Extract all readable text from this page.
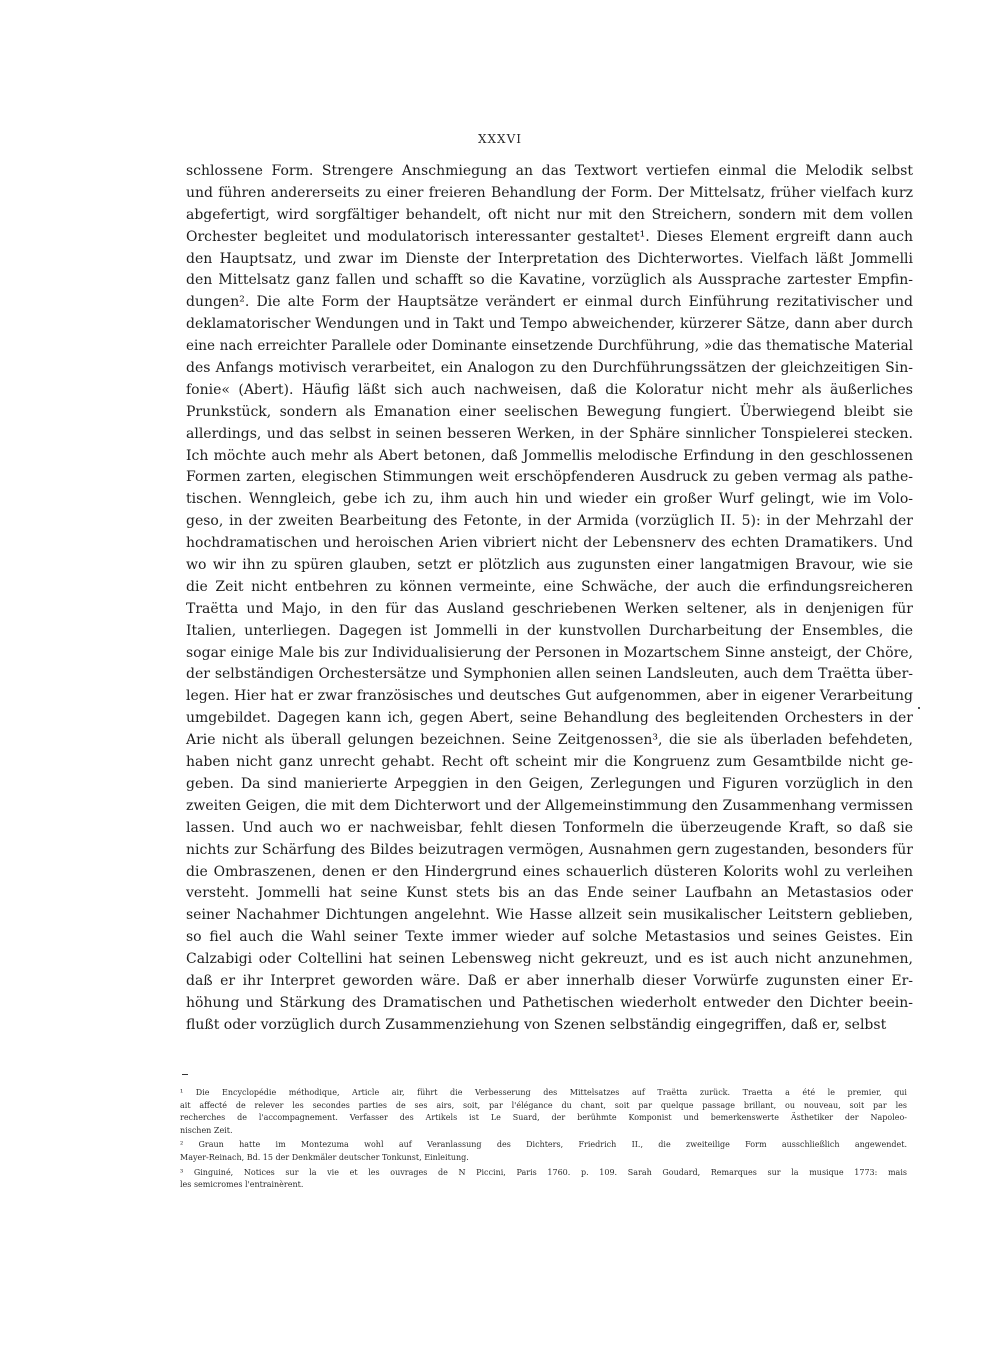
XXXVI
schlossene Form. Strengere Anschmiegung an das Textwort vertiefen einmal die Melodik selbst
und führen andererseits zu einer freieren Behandlung der Form. Der Mittelsatz, früher vielfach kurz
abgefertigt, wird sorgfältiger behandelt, oft nicht nur mit den Streichern, sondern mit dem vollen
Orchester begleitet und modulatorisch interessanter gestaltet¹. Dieses Element ergreift dann auch
den Hauptsatz, und zwar im Dienste der Interpretation des Dichterwortes. Vielfach läßt Jommelli
den Mittelsatz ganz fallen und schafft so die Kavatine, vorzüglich als Aussprache zartester Empfin-
dungen². Die alte Form der Hauptsätze verändert er einmal durch Einführung rezitativischer und
deklamatorischer Wendungen und in Takt und Tempo abweichender, kürzerer Sätze, dann aber durch
eine nach erreichter Parallele oder Dominante einsetzende Durchführung, »die das thematische Material
des Anfangs motivisch verarbeitet, ein Analogon zu den Durchführungssätzen der gleichzeitigen Sin-
fonie« (Abert). Häufig läßt sich auch nachweisen, daß die Koloratur nicht mehr als äußerliches
Prunkstück, sondern als Emanation einer seelischen Bewegung fungiert. Überwiegend bleibt sie
allerdings, und das selbst in seinen besseren Werken, in der Sphäre sinnlicher Tonspielerei stecken.
Ich möchte auch mehr als Abert betonen, daß Jommellis melodische Erfindung in den geschlossenen
Formen zarten, elegischen Stimmungen weit erschöpfenderen Ausdruck zu geben vermag als pathe-
tischen. Wenngleich, gebe ich zu, ihm auch hin und wieder ein großer Wurf gelingt, wie im Volo-
geso, in der zweiten Bearbeitung des Fetonte, in der Armida (vorzüglich II. 5): in der Mehrzahl der
hochdramatischen und heroischen Arien vibriert nicht der Lebensnerv des echten Dramatikers. Und
wo wir ihn zu spüren glauben, setzt er plötzlich aus zugunsten einer langatmigen Bravour, wie sie
die Zeit nicht entbehren zu können vermeinte, eine Schwäche, der auch die erfindungsreicheren
Traëtta und Majo, in den für das Ausland geschriebenen Werken seltener, als in denjenigen für
Italien, unterliegen. Dagegen ist Jommelli in der kunstvollen Durcharbeitung der Ensembles, die
sogar einige Male bis zur Individualisierung der Personen in Mozartschem Sinne ansteigt, der Chöre,
der selbständigen Orchestersätze und Symphonien allen seinen Landsleuten, auch dem Traëtta über-
legen. Hier hat er zwar französisches und deutsches Gut aufgenommen, aber in eigener Verarbeitung
umgebildet. Dagegen kann ich, gegen Abert, seine Behandlung des begleitenden Orchesters in der
Arie nicht als überall gelungen bezeichnen. Seine Zeitgenossen³, die sie als überladen befehdeten,
haben nicht ganz unrecht gehabt. Recht oft scheint mir die Kongruenz zum Gesamtbilde nicht ge-
geben. Da sind manierierte Arpeggien in den Geigen, Zerlegungen und Figuren vorzüglich in den
zweiten Geigen, die mit dem Dichterwort und der Allgemeinstimmung den Zusammenhang vermissen
lassen. Und auch wo er nachweisbar, fehlt diesen Tonformeln die überzeugende Kraft, so daß sie
nichts zur Schärfung des Bildes beizutragen vermögen, Ausnahmen gern zugestanden, besonders für
die Ombraszenen, denen er den Hindergrund eines schauerlich düsteren Kolorits wohl zu verleihen
versteht. Jommelli hat seine Kunst stets bis an das Ende seiner Laufbahn an Metastasios oder
seiner Nachahmer Dichtungen angelehnt. Wie Hasse allzeit sein musikalischer Leitstern geblieben,
so fiel auch die Wahl seiner Texte immer wieder auf solche Metastasios und seines Geistes. Ein
Calzabigi oder Coltellini hat seinen Lebensweg nicht gekreuzt, und es ist auch nicht anzunehmen,
daß er ihr Interpret geworden wäre. Daß er aber innerhalb dieser Vorwürfe zugunsten einer Er-
höhung und Stärkung des Dramatischen und Pathetischen wiederholt entweder den Dichter beein-
flußt oder vorzüglich durch Zusammenziehung von Szenen selbständig eingegriffen, daß er, selbst
¹ Die Encyclopédie méthodique, Article air, führt die Verbesserung des Mittelsatzes auf Traëtta zurück. Traetta a été le premier, qui
ait affecté de relever les secondes parties de ses airs, soit, par l'élégance du chant, soit par quelque passage brillant, ou nouveau, soit par les
recherches de l'accompagnement. Verfasser des Artikels ist Le Suard, der berühmte Komponist und bemerkenswerte Ästhetiker der Napoleo-
nischen Zeit.
² Graun hatte im Montezuma wohl auf Veranlassung des Dichters, Friedrich II., die zweiteilige Form ausschließlich angewendet.
Mayer-Reinach, Bd. 15 der Denkmäler deutscher Tonkunst, Einleitung.
³ Ginguiné, Notices sur la vie et les ouvrages de N Piccini, Paris 1760. p. 109. Sarah Goudard, Remarques sur la musique 1773: mais
les semicromes l'entrainèrent.
